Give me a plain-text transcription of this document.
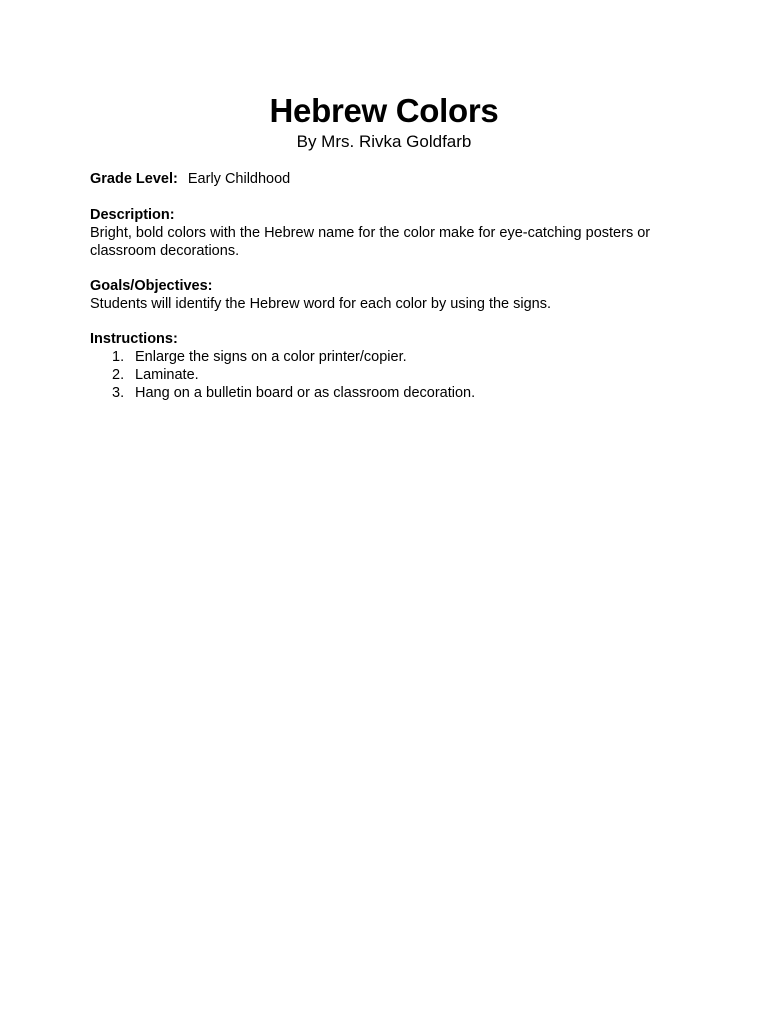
Hebrew Colors
By Mrs. Rivka Goldfarb
Grade Level: Early Childhood
Description:
Bright, bold colors with the Hebrew name for the color make for eye-catching posters or classroom decorations.
Goals/Objectives:
Students will identify the Hebrew word for each color by using the signs.
Instructions:
1. Enlarge the signs on a color printer/copier.
2. Laminate.
3. Hang on a bulletin board or as classroom decoration.
